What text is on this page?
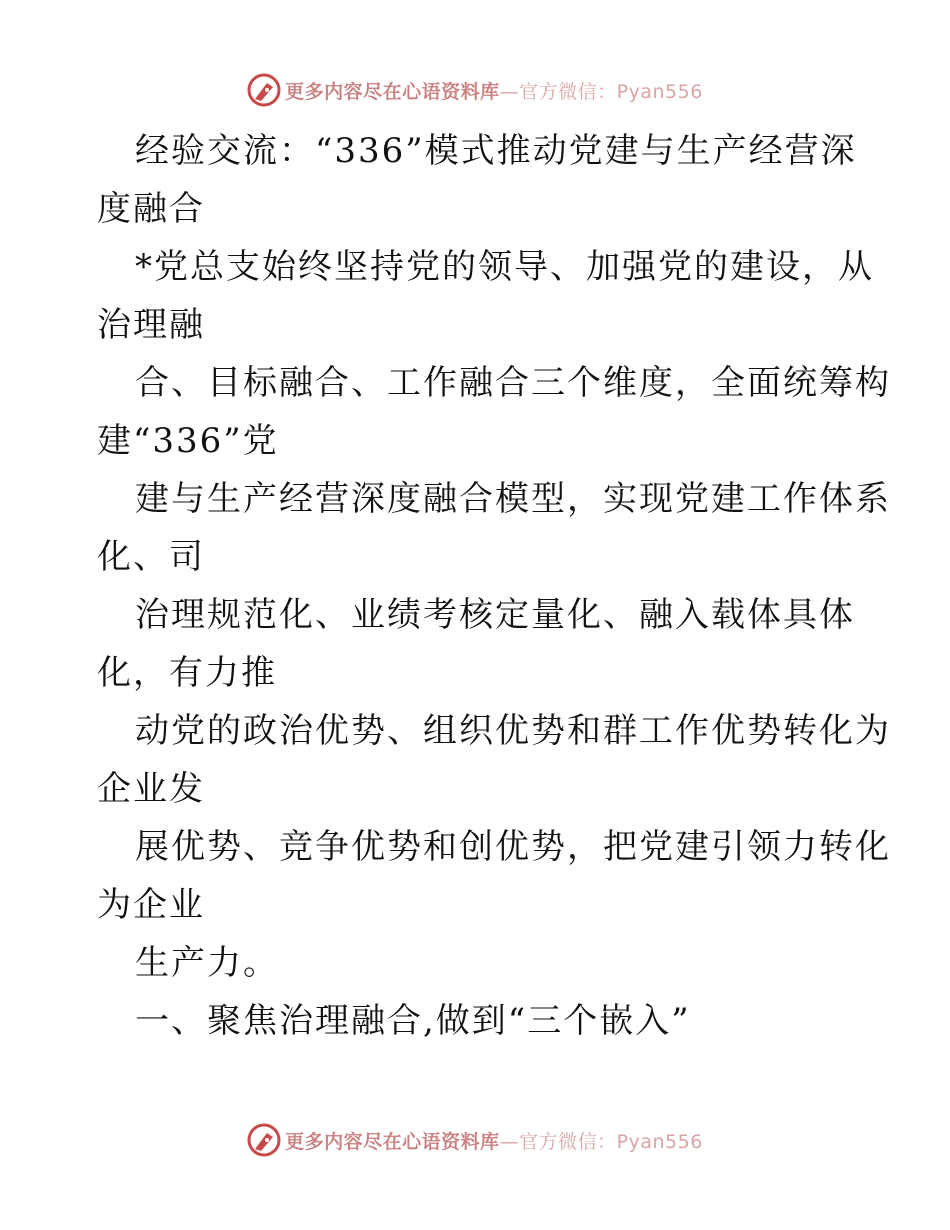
更多内容尽在心语资料库—官方微信：Pyan556
经验交流：“336”模式推动党建与生产经营深
度融合
*党总支始终坚持党的领导、加强党的建设，从
治理融
合、目标融合、工作融合三个维度，全面统筹构
建“336”党
建与生产经营深度融合模型，实现党建工作体系
化、司
治理规范化、业绩考核定量化、融入载体具体
化，有力推
动党的政治优势、组织优势和群工作优势转化为
企业发
展优势、竞争优势和创优势，把党建引领力转化
为企业
生产力。
一、聚焦治理融合,做到“三个嵌入”
更多内容尽在心语资料库—官方微信：Pyan556
